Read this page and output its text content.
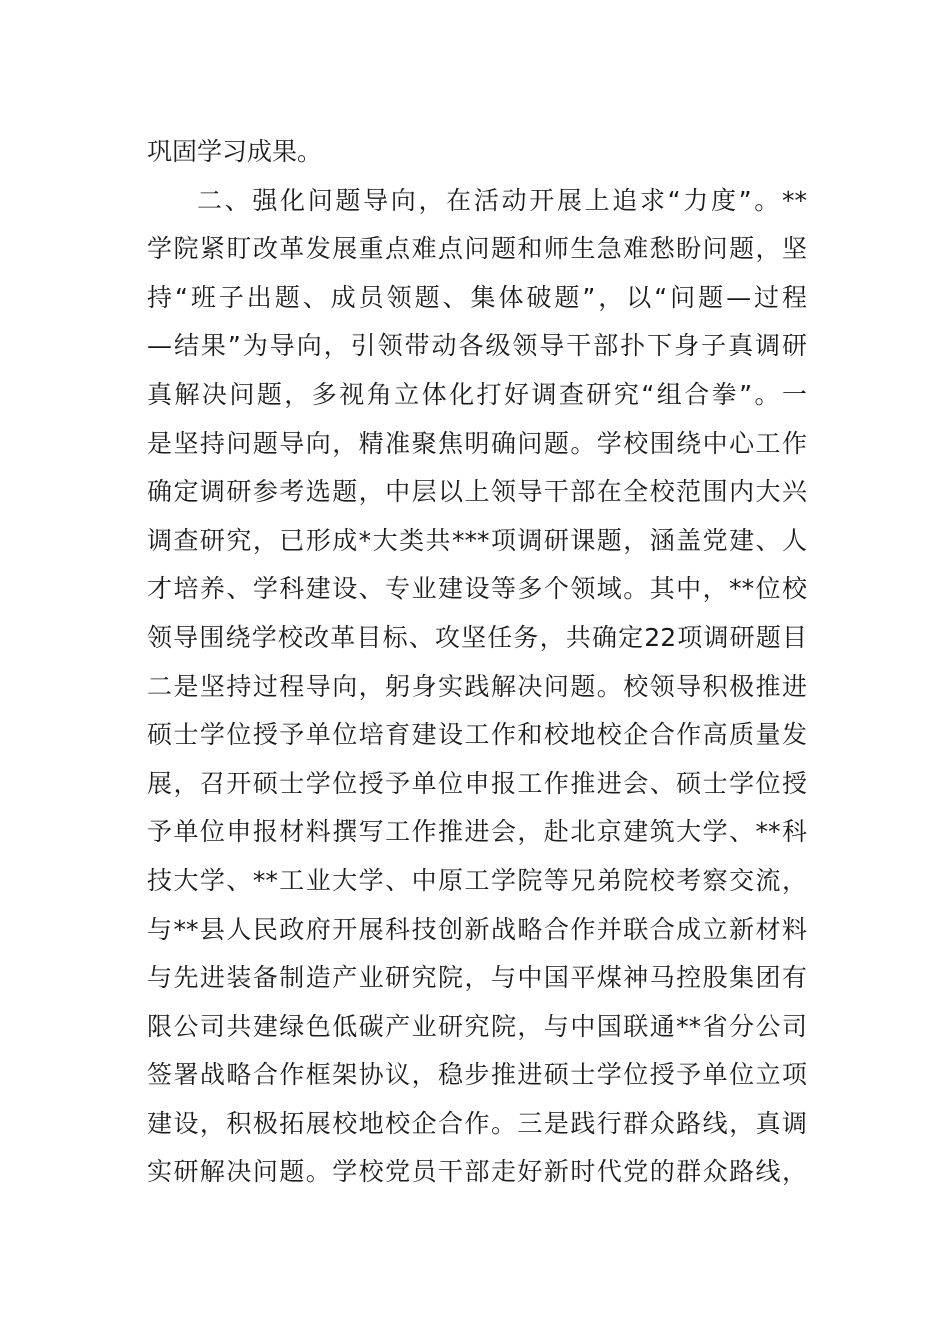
巩固学习成果。
二、强化问题导向，在活动开展上追求“力度”。**
学院紧盯改革发展重点难点问题和师生急难愁盼问题，坚
持“班子出题、成员领题、集体破题”，以“问题—过程
—结果”为导向，引领带动各级领导干部扑下身子真调研
真解决问题，多视角立体化打好调查研究“组合拳”。一
是坚持问题导向，精准聚焦明确问题。学校围绕中心工作
确定调研参考选题，中层以上领导干部在全校范围内大兴
调查研究，已形成*大类共***项调研课题，涵盖党建、人
才培养、学科建设、专业建设等多个领域。其中，**位校
领导围绕学校改革目标、攻坚任务，共确定22项调研题目
二是坚持过程导向，躬身实践解决问题。校领导积极推进
硕士学位授予单位培育建设工作和校地校企合作高质量发
展，召开硕士学位授予单位申报工作推进会、硕士学位授
予单位申报材料撰写工作推进会，赴北京建筑大学、**科
技大学、**工业大学、中原工学院等兄弟院校考察交流，
与**县人民政府开展科技创新战略合作并联合成立新材料
与先进装备制造产业研究院，与中国平煤神马控股集团有
限公司共建绿色低碳产业研究院，与中国联通**省分公司
签署战略合作框架协议，稳步推进硕士学位授予单位立项
建设，积极拓展校地校企合作。三是践行群众路线，真调
实研解决问题。学校党员干部走好新时代党的群众路线，
